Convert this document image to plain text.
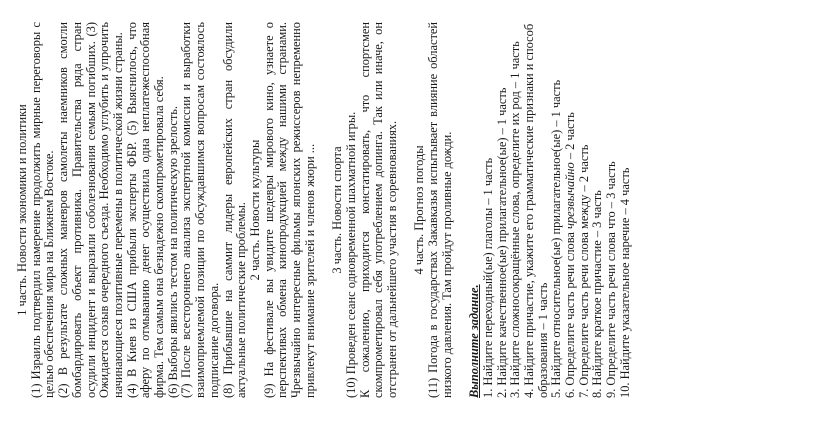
1 часть. Новости экономики и политики (1) Израиль подтвердил намерение продолжить мирные переговоры с целью обеспечения мира на Ближнем Востоке. (2) В результате сложных маневров самолеты наемников смогли бомбардировать объект противника. Правительства ряда стран осудили инцидент и выразили соболезнования семьям погибших. (3) Ожидается созыв очередного съезда. Необходимо углубить и упрочить начинающиеся позитивные перемены в политической жизни страны. (4) В Киев из США прибыли эксперты ФБР. (5) Выяснилось, что аферу по отмыванию денег осуществила одна неплатежеспособная фирма. Тем самым она безнадежно скомпрометировала себя. (6) Выборы явились тестом на политическую зрелость. (7) После всестороннего анализа экспертной комиссии и выработки взаимоприемлемой позиции по обсуждавшимся вопросам состоялось подписание договора. (8) Прибывшие на саммит лидеры европейских стран обсудили актуальные политические проблемы. 2 часть. Новости культуры (9) На фестивале вы увидите шедевры мирового кино, узнаете о перспективах обмена кинопродукцией между нашими странами. Чрезвычайно интересные фильмы японских режиссеров непременно привлекут внимание зрителей и членов жюри ... 3 часть. Новости спорта (10) Проведен сеанс одновременной шахматной игры. К сожалению, приходится констатировать, что спортсмен скомпрометировал себя употреблением допинга. Так или иначе, он отстранен от дальнейшего участия в соревнованиях. 4 часть. Прогноз погоды (11) Погода в государствах Закавказья испытывает влияние областей низкого давления. Там пройдут проливные дожди. Выполните задание. 1. Найдите переходный(ые) глаголы – 1 часть 2. Найдите качественное(ые) прилагательное(ые) – 1 часть 3. Найдите сложносокращённые слова, определите их род – 1 часть 4. Найдите причастие, укажите его грамматические признаки и способ образования – 1 часть 5. Найдите относительное(ые) прилагательное(ые) – 1 часть 6. Определите часть речи слова чрезвычайно – 2 часть
7. Определите часть речи слова между – 2 часть 8. Найдите краткое причастие – 3 часть 9. Определите часть речи слова что – 3 часть 10. Найдите указательное наречие – 4 часть
